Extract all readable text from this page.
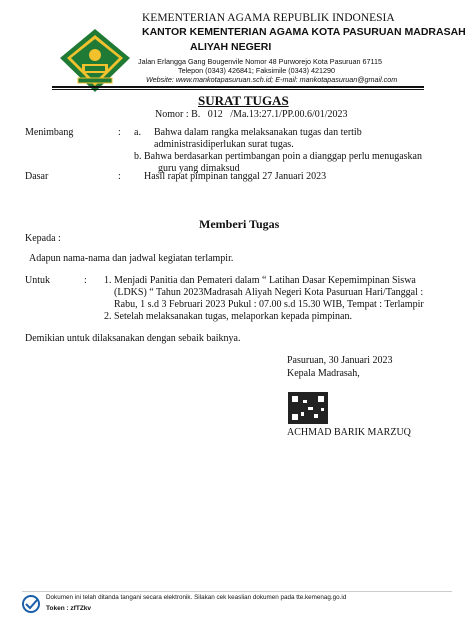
KEMENTERIAN AGAMA REPUBLIK INDONESIA
KANTOR KEMENTERIAN AGAMA KOTA PASURUAN MADRASAH
ALIYAH NEGERI
Jalan Erlangga Gang Bougenvile Nomor 48 Purworejo Kota Pasuruan 67115
Telepon (0343) 426841; Faksimile (0343) 421290
Website: www.mankotapasuruan.sch.id; E-mail: mankotapasuruan@gmail.com
SURAT TUGAS
Nomor : B.   012   /Ma.13:27.1/PP.00.6/01/2023
Menimbang	: a. Bahwa dalam rangka melaksanakan tugas dan tertib
administrasidiperlukan surat tugas.
b. Bahwa berdasarkan pertimbangan poin a dianggap perlu menugaskan
guru yang dimaksud
Dasar	: Hasil rapat pimpinan tanggal 27 Januari 2023
Memberi Tugas
Kepada :
Adapun nama-nama dan jadwal kegiatan terlampir.
Untuk	: 1. Menjadi Panitia dan Pemateri dalam “ Latihan Dasar Kepemimpinan Siswa
(LDKS) “ Tahun 2023Madrasah Aliyah Negeri Kota Pasuruan Hari/Tanggal :
Rabu, 1 s.d 3 Februari 2023 Pukul : 07.00 s.d 15.30 WIB, Tempat : Terlampir
2. Setelah melaksanakan tugas, melaporkan kepada pimpinan.
Demikian untuk dilaksanakan dengan sebaik baiknya.
Pasuruan, 30 Januari 2023
Kepala Madrasah,
ACHMAD BARIK MARZUQ
Dokumen ini telah ditanda tangani secara elektronik. Silakan cek keaslian dokumen pada tte.kemenag.go.id
Token : zfTZkv
